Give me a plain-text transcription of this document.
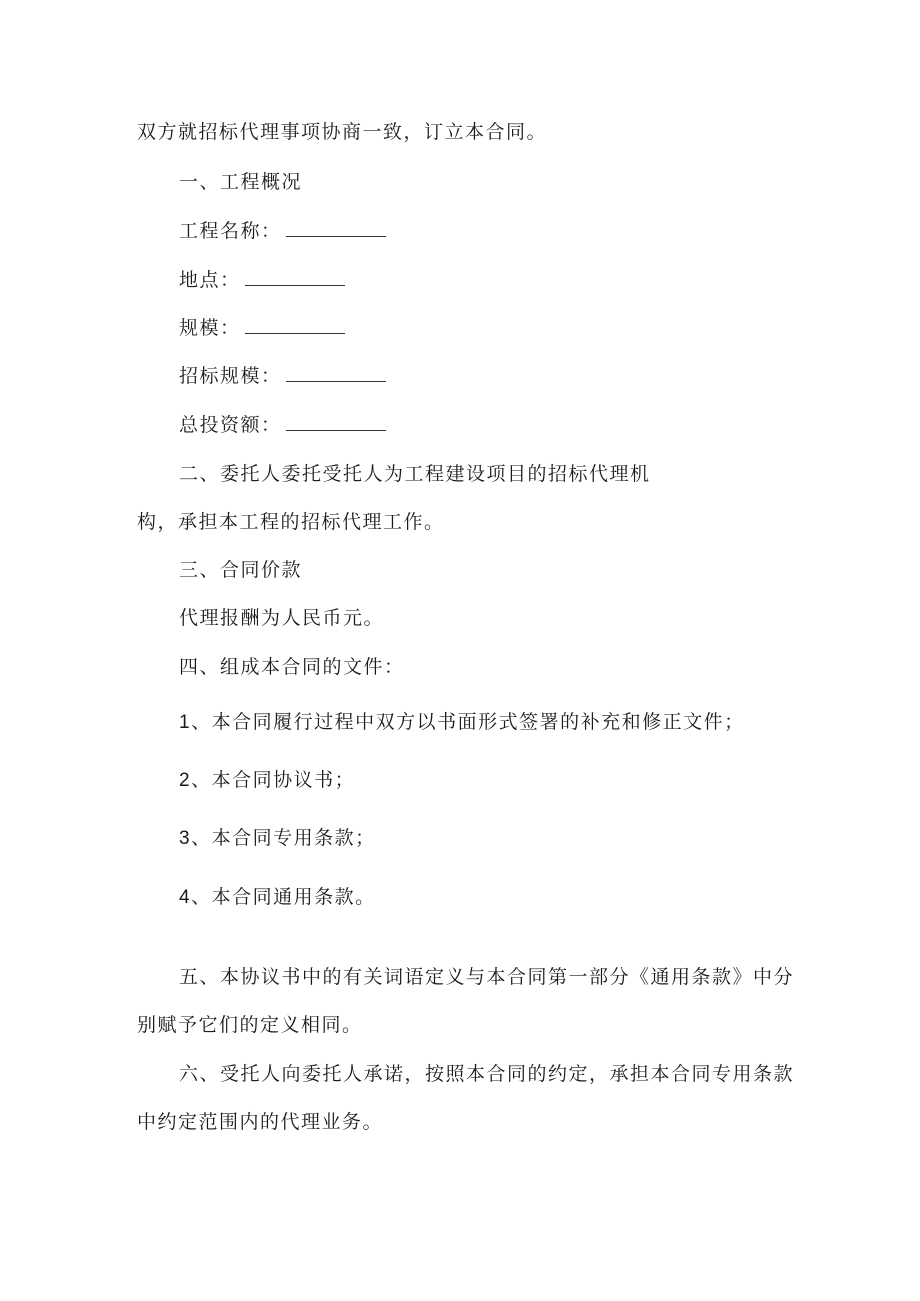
双方就招标代理事项协商一致，订立本合同。
一、工程概况
工程名称：
地点：
规模：
招标规模：
总投资额：
二、委托人委托受托人为工程建设项目的招标代理机
构，承担本工程的招标代理工作。
三、合同价款
代理报酬为人民币元。
四、组成本合同的文件：
1、本合同履行过程中双方以书面形式签署的补充和修正文件；
2、本合同协议书；
3、本合同专用条款；
4、本合同通用条款。
五、本协议书中的有关词语定义与本合同第一部分《通用条款》中分
别赋予它们的定义相同。
六、受托人向委托人承诺，按照本合同的约定，承担本合同专用条款
中约定范围内的代理业务。
